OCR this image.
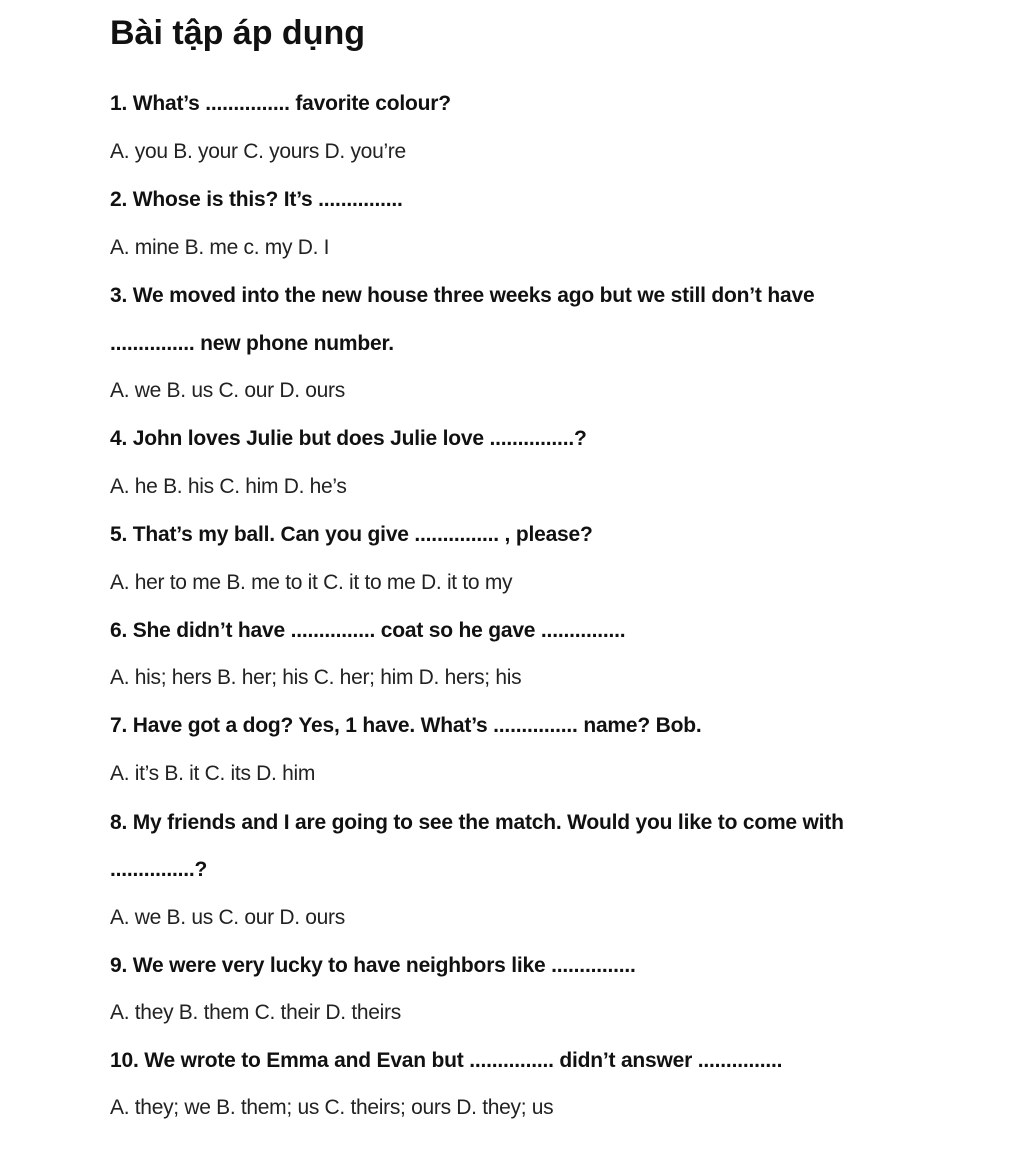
Bài tập áp dụng
1. What’s ............... favorite colour?
A. you B. your C. yours D. you’re
2. Whose is this? It’s ...............
A. mine B. me c. my D. I
3. We moved into the new house three weeks ago but we still don’t have
............... new phone number.
A. we B. us C. our D. ours
4. John loves Julie but does Julie love ...............?
A. he B. his C. him D. he’s
5. That’s my ball. Can you give ............... , please?
A. her to me B. me to it C. it to me D. it to my
6. She didn’t have ............... coat so he gave ...............
A. his; hers B. her; his C. her; him D. hers; his
7. Have got a dog? Yes, 1 have. What’s ............... name? Bob.
A. it’s B. it C. its D. him
8. My friends and I are going to see the match. Would you like to come with
...............?
A. we B. us C. our D. ours
9. We were very lucky to have neighbors like ...............
A. they B. them C. their D. theirs
10. We wrote to Emma and Evan but ............... didn’t answer ...............
A. they; we B. them; us C. theirs; ours D. they; us
